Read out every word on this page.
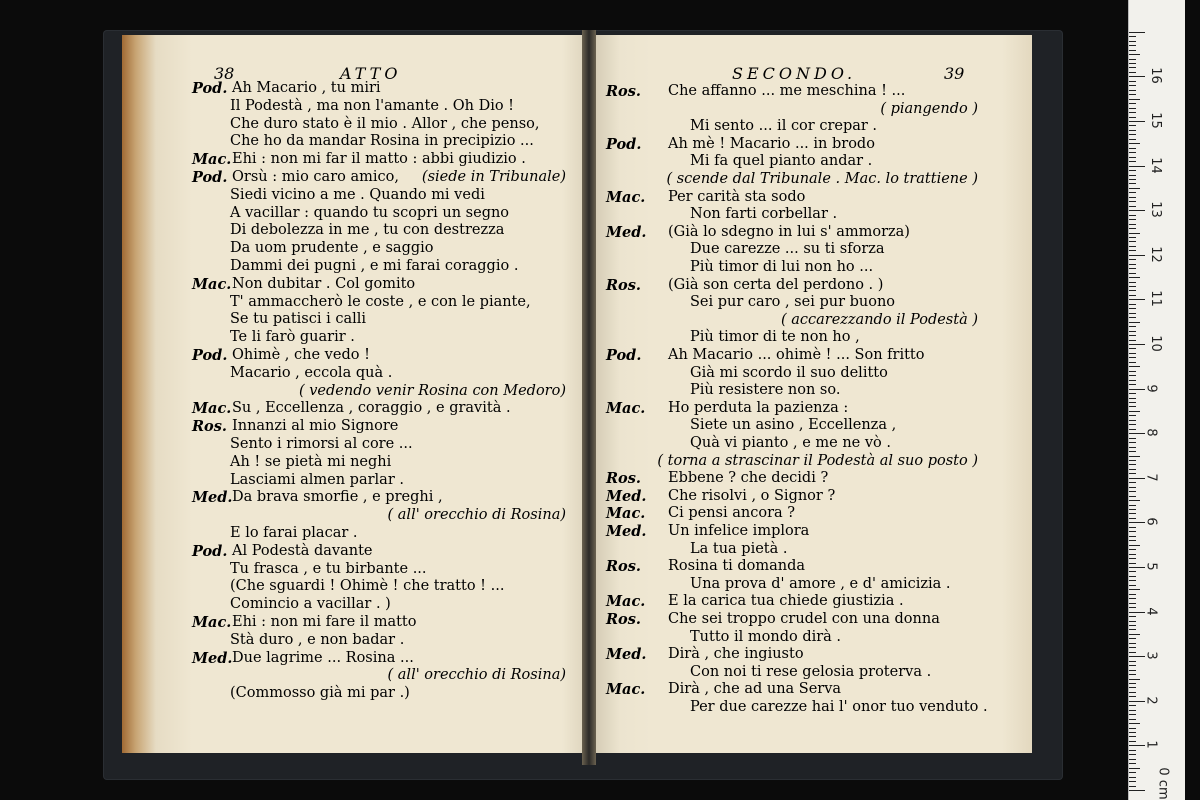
38	ATTO	SECONDO.	39
Pod. Ah Macario , tu miri
Il Podestà , ma non l'amante . Oh Dio !
Che duro stato è il mio . Allor , che penso,
Che ho da mandar Rosina in precipizio ...
Mac. Ehi : non mi far il matto : abbi giudizio .
Pod. Orsù : mio caro amico, (siede in Tribunale)
Siedi vicino a me . Quando mi vedi
A vacillar : quando tu scopri un segno
Di debolezza in me , tu con destrezza
Da uom prudente , e saggio
Dammi dei pugni , e mi farai coraggio .
Mac. Non dubitar . Col gomito
T' ammaccherò le coste , e con le piante,
Se tu patisci i calli
Te li farò guarir .
Pod. Ohimè , che vedo !
Macario , eccola quà .
( vedendo venir Rosina con Medoro)
Mac. Su , Eccellenza , coraggio , e gravità .
Ros. Innanzi al mio Signore
Sento i rimorsi al core ...
Ah ! se pietà mi neghi
Lasciami almen parlar .
Med. Da brava smorfie , e preghi ,
( all' orecchio di Rosina)
E lo farai placar .
Pod. Al Podestà davante
Tu frasca , e tu birbante ...
(Che sguardi ! Ohimè ! che tratto ! ...
Comincio a vacillar . )
Mac. Ehi : non mi fare il matto
Stà duro , e non badar .
Med. Due lagrime ... Rosina ...
( all' orecchio di Rosina)
(Commosso già mi par .)
Ros. Che affanno ... me meschina ! ...
( piangendo )
Mi sento ... il cor crepar .
Pod. Ah mè ! Macario ... in brodo
Mi fa quel pianto andar .
( scende dal Tribunale . Mac. lo trattiene )
Mac. Per carità sta sodo
Non farti corbellar .
Med. (Già lo sdegno in lui s' ammorza)
Due carezze ... su ti sforza
Più timor di lui non ho ...
Ros. (Già son certa del perdono . )
Sei pur caro , sei pur buono
( accarezzando il Podestà )
Più timor di te non ho ,
Pod. Ah Macario ... ohimè ! ... Son fritto
Già mi scordo il suo delitto
Più resistere non so.
Mac. Ho perduta la pazienza :
Siete un asino , Eccellenza ,
Quà vi pianto , e me ne vò .
( torna a strascinar il Podestà al suo posto )
Ros. Ebbene ? che decidi ?
Med. Che risolvi , o Signor ?
Mac. Ci pensi ancora ?
Med. Un infelice implora
La tua pietà .
Ros. Rosina ti domanda
Una prova d' amore , e d' amicizia .
Mac. E la carica tua chiede giustizia .
Ros. Che sei troppo crudel con una donna
Tutto il mondo dirà .
Med. Dirà , che ingiusto
Con noi ti rese gelosia proterva .
Mac. Dirà , che ad una Serva
Per due carezze hai l' onor tuo venduto .
0 cm
1
2
3
4
5
6
7
8
9
10
11
12
13
14
15
16
